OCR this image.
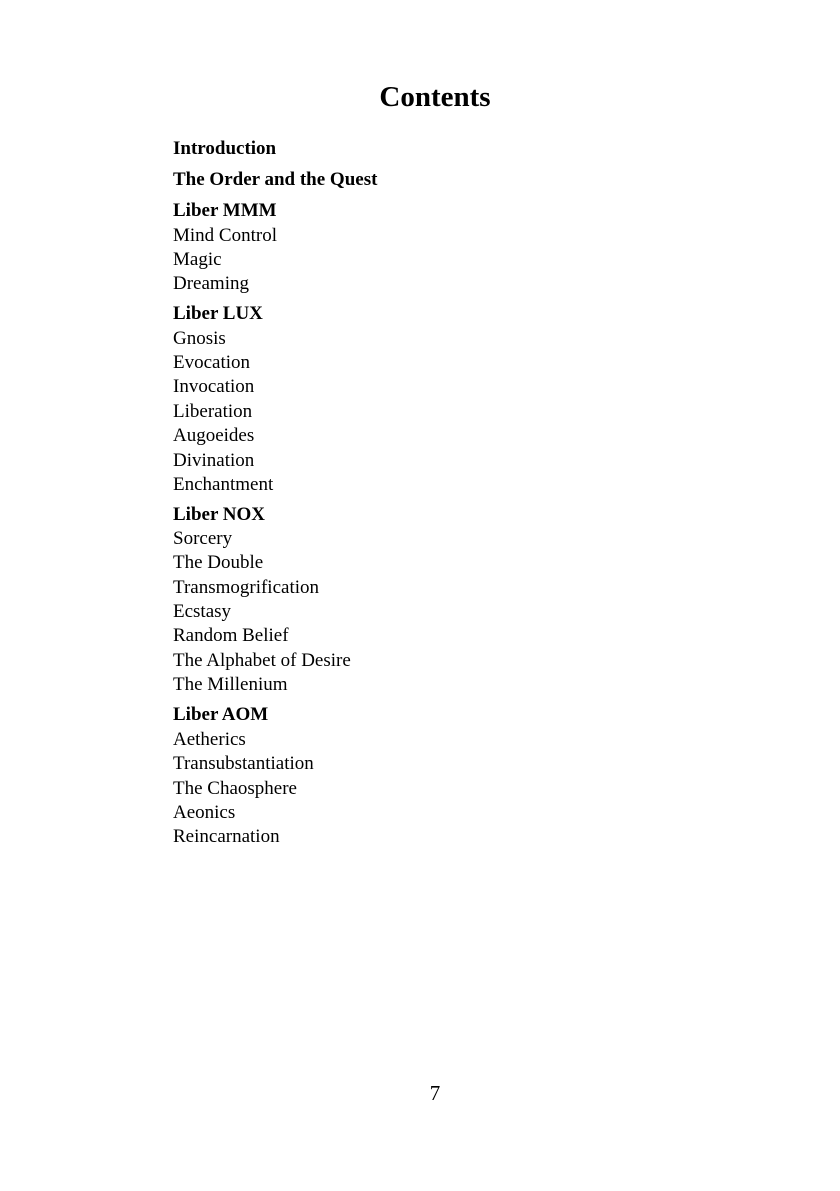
Contents
Introduction
The Order and the Quest
Liber MMM
Mind Control
Magic
Dreaming
Liber LUX
Gnosis
Evocation
Invocation
Liberation
Augoeides
Divination
Enchantment
Liber NOX
Sorcery
The Double
Transmogrification
Ecstasy
Random Belief
The Alphabet of Desire
The Millenium
Liber AOM
Aetherics
Transubstantiation
The Chaosphere
Aeonics
Reincarnation
7
